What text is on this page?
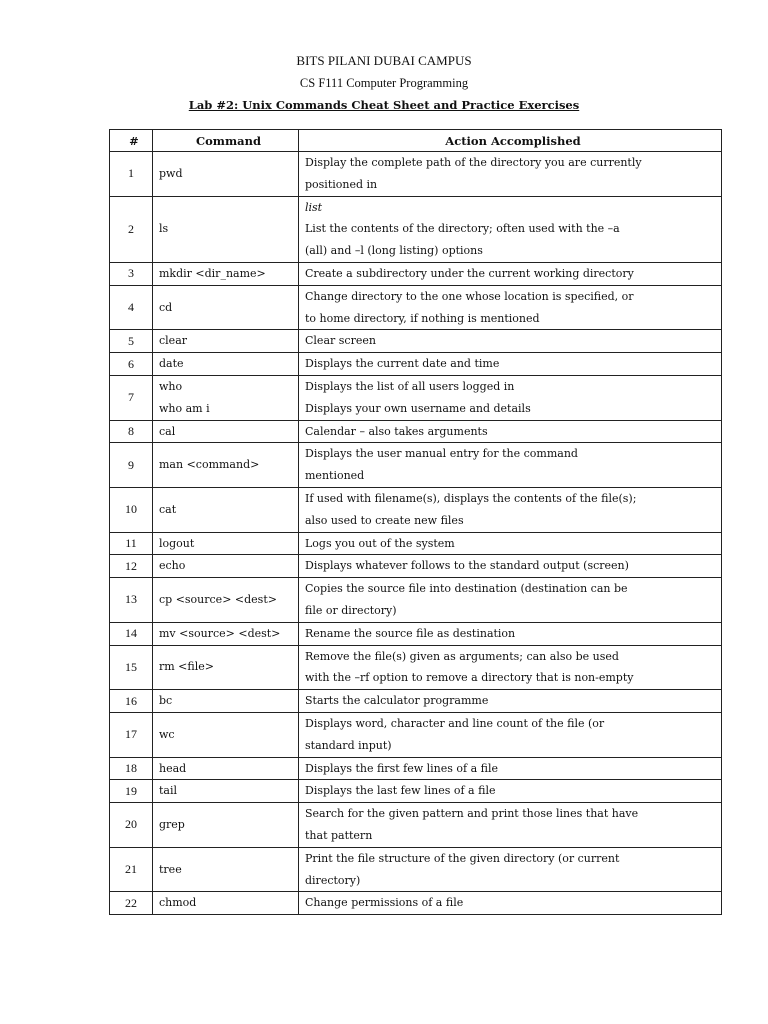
BITS PILANI DUBAI CAMPUS
CS F111 Computer Programming
Lab #2: Unix Commands Cheat Sheet and Practice Exercises
#	Command	Action Accomplished
1	pwd	Display the complete path of the directory you are currently
positioned in

2	ls	list
List the contents of the directory; often used with the –a
(all) and –l (long listing) options

3	mkdir <dir_name>	Create a subdirectory under the current working directory

4	cd	Change directory to the one whose location is specified, or
to home directory, if nothing is mentioned

5	clear	Clear screen

6	date	Displays the current date and time

7	who
who am i	Displays the list of all users logged in
Displays your own username and details

8	cal	Calendar – also takes arguments

9	man <command>	Displays the user manual entry for the command
mentioned

10	cat	If used with filename(s), displays the contents of the file(s);
also used to create new files

11	logout	Logs you out of the system

12	echo	Displays whatever follows to the standard output (screen)

13	cp <source> <dest>	Copies the source file into destination (destination can be
file or directory)

14	mv <source> <dest>	Rename the source file as destination

15	rm <file>	Remove the file(s) given as arguments; can also be used
with the –rf option to remove a directory that is non-empty

16	bc	Starts the calculator programme

17	wc	Displays word, character and line count of the file (or
standard input)

18	head	Displays the first few lines of a file

19	tail	Displays the last few lines of a file

20	grep	Search for the given pattern and print those lines that have
that pattern

21	tree	Print the file structure of the given directory (or current
directory)

22	chmod	Change permissions of a file
